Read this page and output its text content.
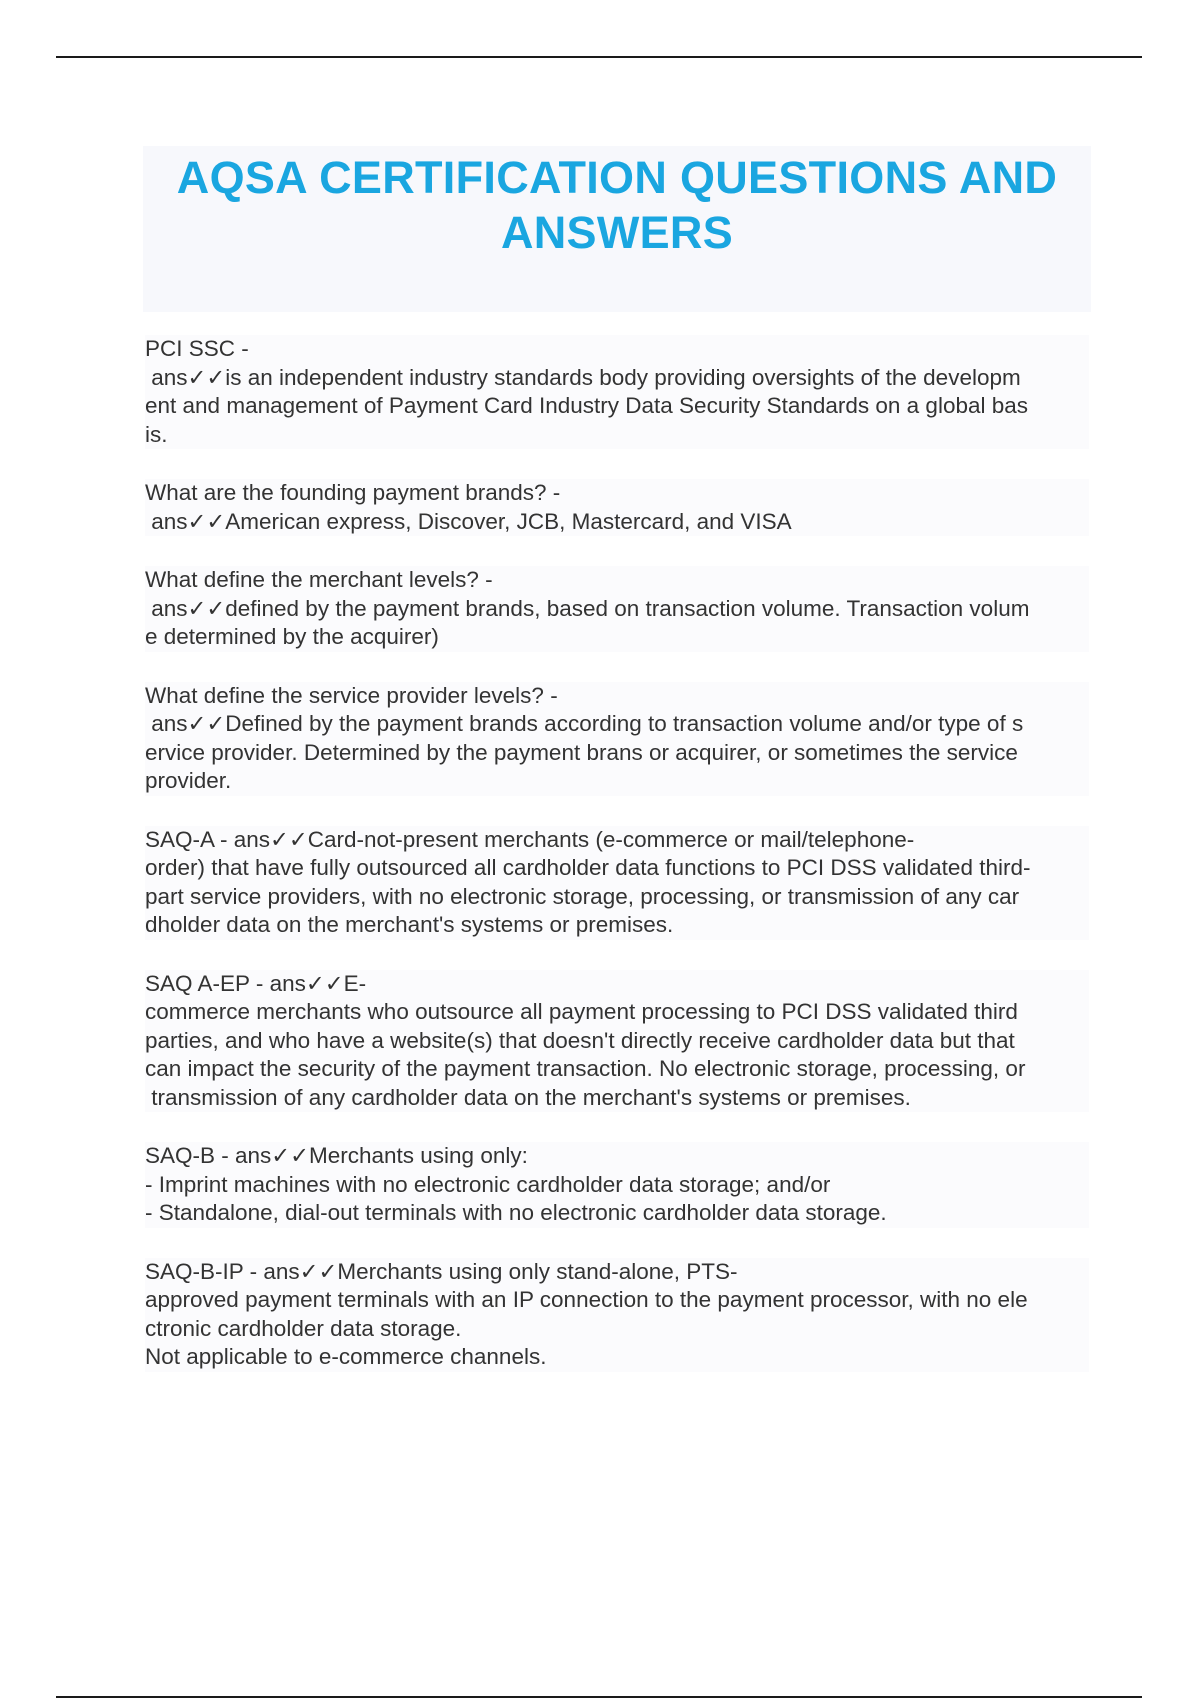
AQSA CERTIFICATION QUESTIONS AND ANSWERS

PCI SSC -

ans✓✓is an independent industry standards body providing oversights of the developm

ent and management of Payment Card Industry Data Security Standards on a global bas

is.

What are the founding payment brands? -

ans✓✓American express, Discover, JCB, Mastercard, and VISA

What define the merchant levels? -

ans✓✓defined by the payment brands, based on transaction volume. Transaction volum

e determined by the acquirer)

What define the service provider levels? -

ans✓✓Defined by the payment brands according to transaction volume and/or type of s

ervice provider. Determined by the payment brans or acquirer, or sometimes the service

provider.

SAQ-A - ans✓✓Card-not-present merchants (e-commerce or mail/telephone-

order) that have fully outsourced all cardholder data functions to PCI DSS validated third-

part service providers, with no electronic storage, processing, or transmission of any car

dholder data on the merchant's systems or premises.

SAQ A-EP - ans✓✓E-

commerce merchants who outsource all payment processing to PCI DSS validated third

parties, and who have a website(s) that doesn't directly receive cardholder data but that

can impact the security of the payment transaction. No electronic storage, processing, or

transmission of any cardholder data on the merchant's systems or premises.

SAQ-B - ans✓✓Merchants using only:

- Imprint machines with no electronic cardholder data storage; and/or

- Standalone, dial-out terminals with no electronic cardholder data storage.

SAQ-B-IP - ans✓✓Merchants using only stand-alone, PTS-

approved payment terminals with an IP connection to the payment processor, with no ele

ctronic cardholder data storage.

Not applicable to e-commerce channels.
